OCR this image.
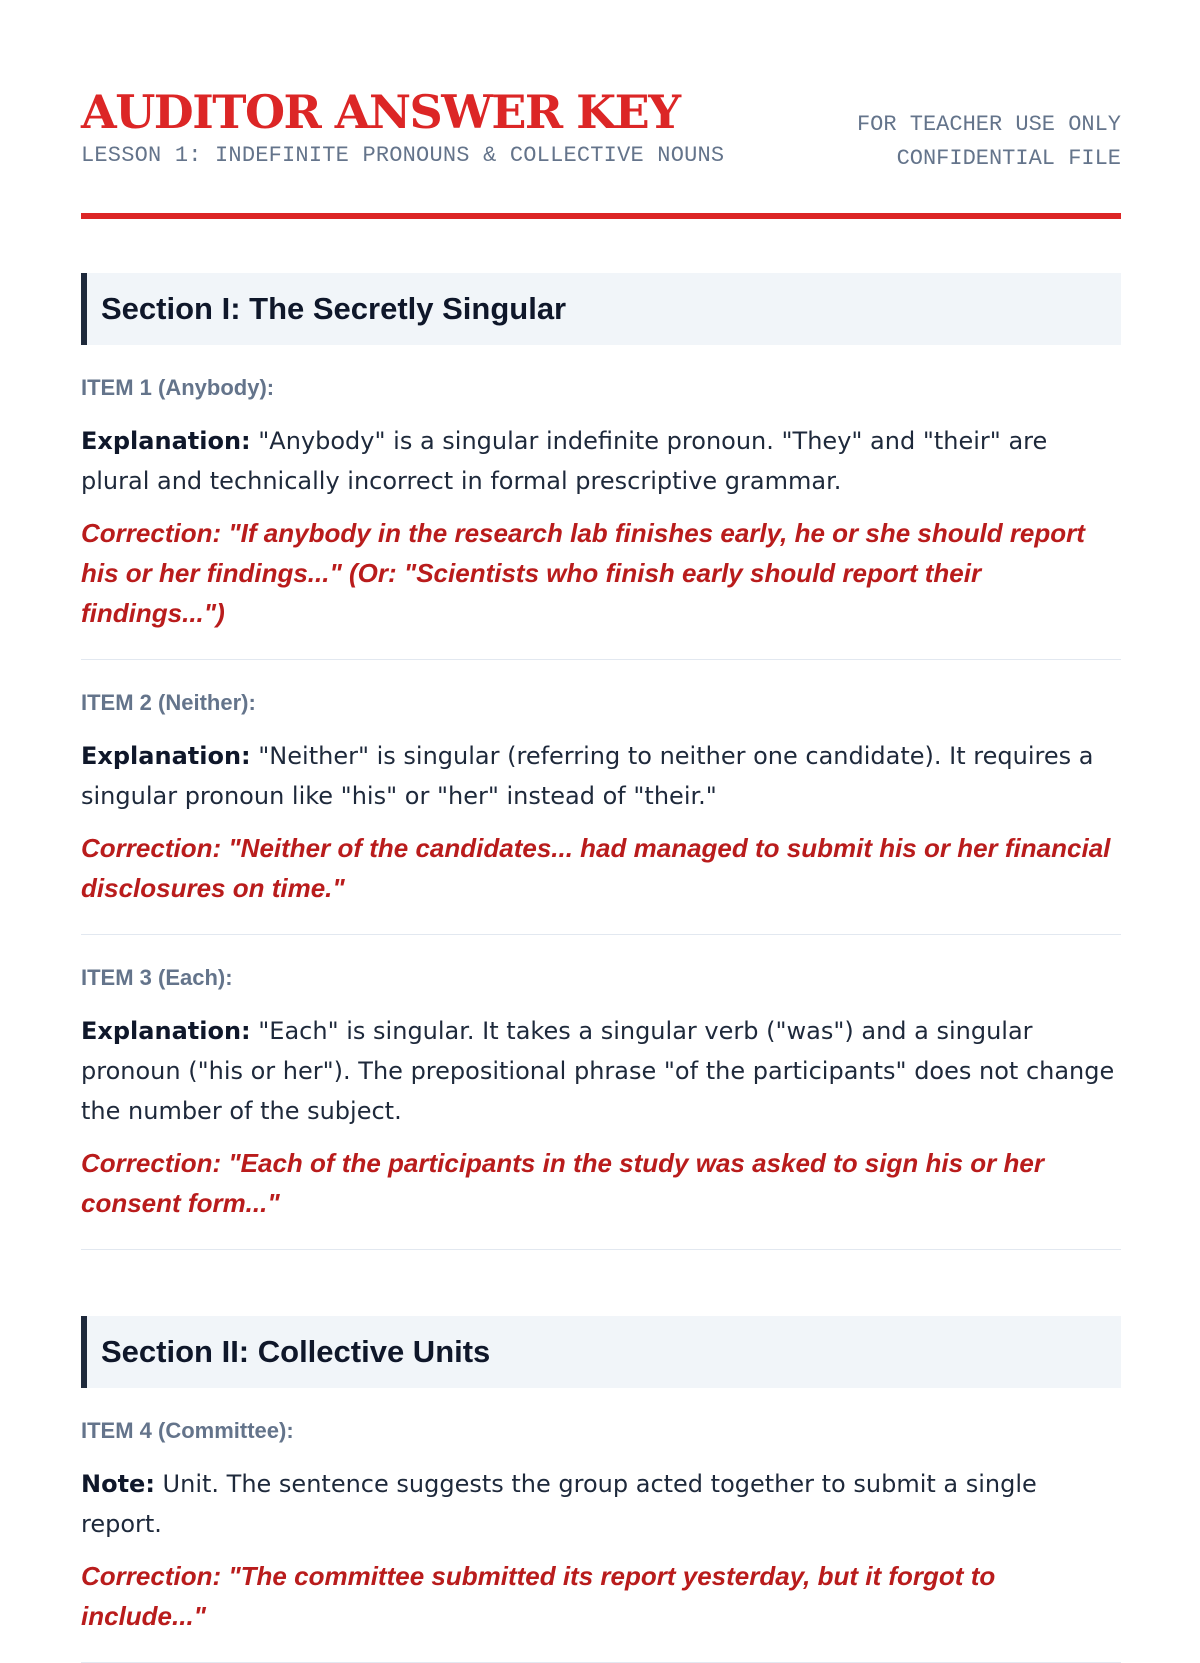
AUDITOR ANSWER KEY
LESSON 1: INDEFINITE PRONOUNS & COLLECTIVE NOUNS
FOR TEACHER USE ONLY
CONFIDENTIAL FILE
Section I: The Secretly Singular
ITEM 1 (Anybody):
Explanation: "Anybody" is a singular indefinite pronoun. "They" and "their" are plural and technically incorrect in formal prescriptive grammar.
Correction: "If anybody in the research lab finishes early, he or she should report his or her findings..." (Or: "Scientists who finish early should report their findings...")
ITEM 2 (Neither):
Explanation: "Neither" is singular (referring to neither one candidate). It requires a singular pronoun like "his" or "her" instead of "their."
Correction: "Neither of the candidates... had managed to submit his or her financial disclosures on time."
ITEM 3 (Each):
Explanation: "Each" is singular. It takes a singular verb ("was") and a singular pronoun ("his or her"). The prepositional phrase "of the participants" does not change the number of the subject.
Correction: "Each of the participants in the study was asked to sign his or her consent form..."
Section II: Collective Units
ITEM 4 (Committee):
Note: Unit. The sentence suggests the group acted together to submit a single report.
Correction: "The committee submitted its report yesterday, but it forgot to include..."
